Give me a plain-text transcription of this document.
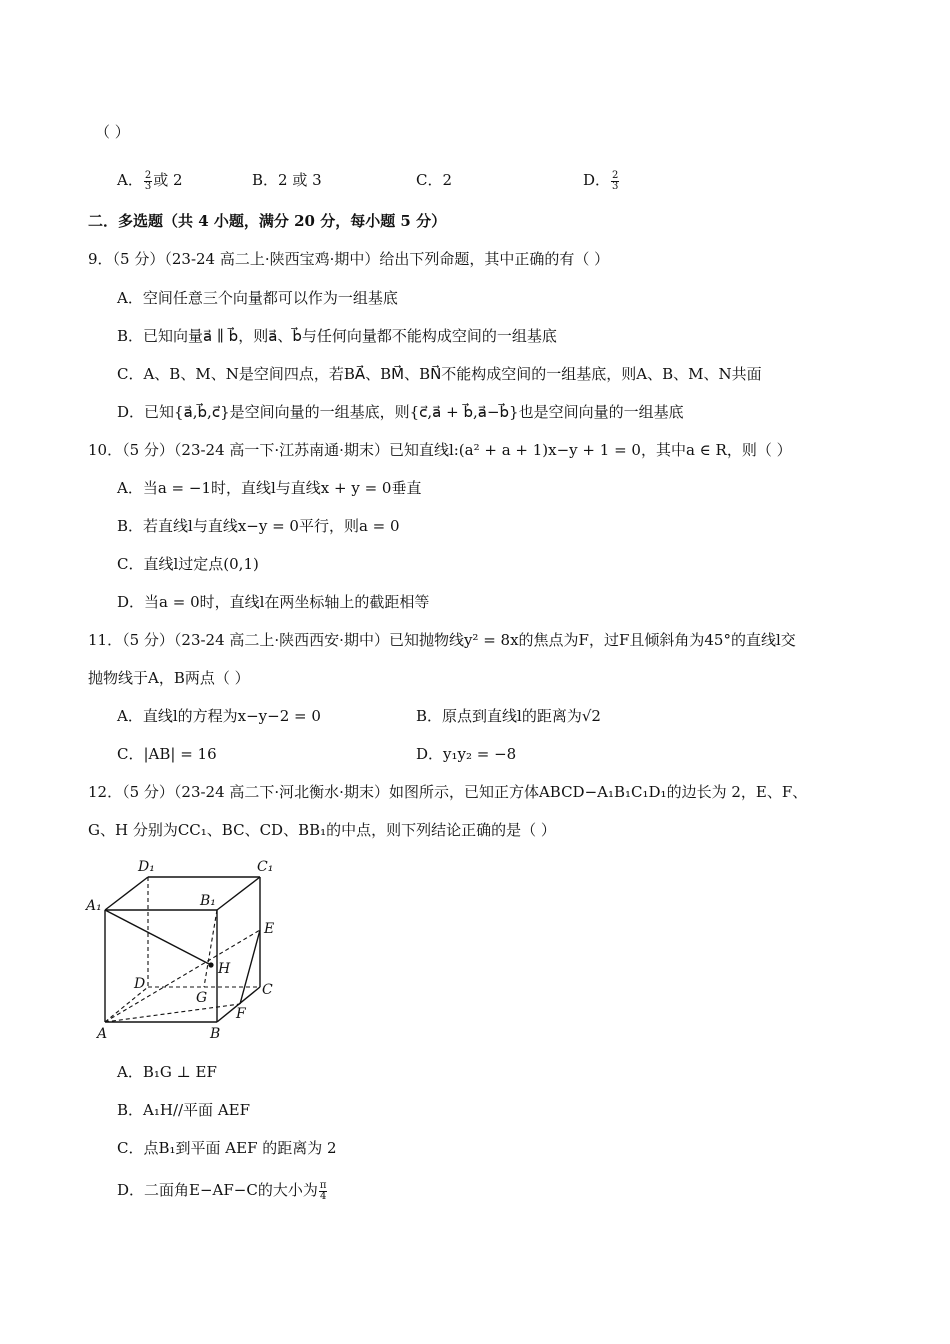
（ ）
A． $\frac{2}{3}$ 或 2	B．2 或 3	C．2	D． $\frac{2}{3}$
二．多选题（共 4 小题，满分 20 分，每小题 5 分）
9．（5 分）（23-24 高二上·陕西宝鸡·期中）给出下列命题，其中正确的有（ ）
A．空间任意三个向量都可以作为一组基底
B．已知向量a⃗ ∥ b⃗，则a⃗、b⃗与任何向量都不能构成空间的一组基底
C．A、B、M、N是空间四点，若BA⃗、BM⃗、BN⃗不能构成空间的一组基底，则A、B、M、N共面
D．已知{a⃗,b⃗,c⃗}是空间向量的一组基底，则{c⃗,a⃗ + b⃗,a⃗−b⃗}也是空间向量的一组基底
10．（5 分）（23-24 高一下·江苏南通·期末）已知直线l:(a² + a + 1)x−y + 1 = 0，其中a ∈ R，则（ ）
A．当a = −1时，直线l与直线x + y = 0垂直
B．若直线l与直线x−y = 0平行，则a = 0
C．直线l过定点(0,1)
D．当a = 0时，直线l在两坐标轴上的截距相等
11．（5 分）（23-24 高二上·陕西西安·期中）已知抛物线y² = 8x的焦点为F，过F且倾斜角为45°的直线l交
抛物线于A，B两点（ ）
A．直线l的方程为x−y−2 = 0	B．原点到直线l的距离为√2
C．|AB| = 16	D．y₁y₂ = −8
12．（5 分）（23-24 高二下·河北衡水·期末）如图所示，已知正方体ABCD−A₁B₁C₁D₁的边长为 2，E、F、
G、H 分别为CC₁、BC、CD、BB₁的中点，则下列结论正确的是（ ）
D₁	C₁
A₁	B₁
E
H
D
G	C
F
A	B
A．B₁G ⊥ EF
B．A₁H//平面 AEF
C．点B₁到平面 AEF 的距离为 2
D．二面角E−AF−C的大小为 $\frac{\pi}{4}$
